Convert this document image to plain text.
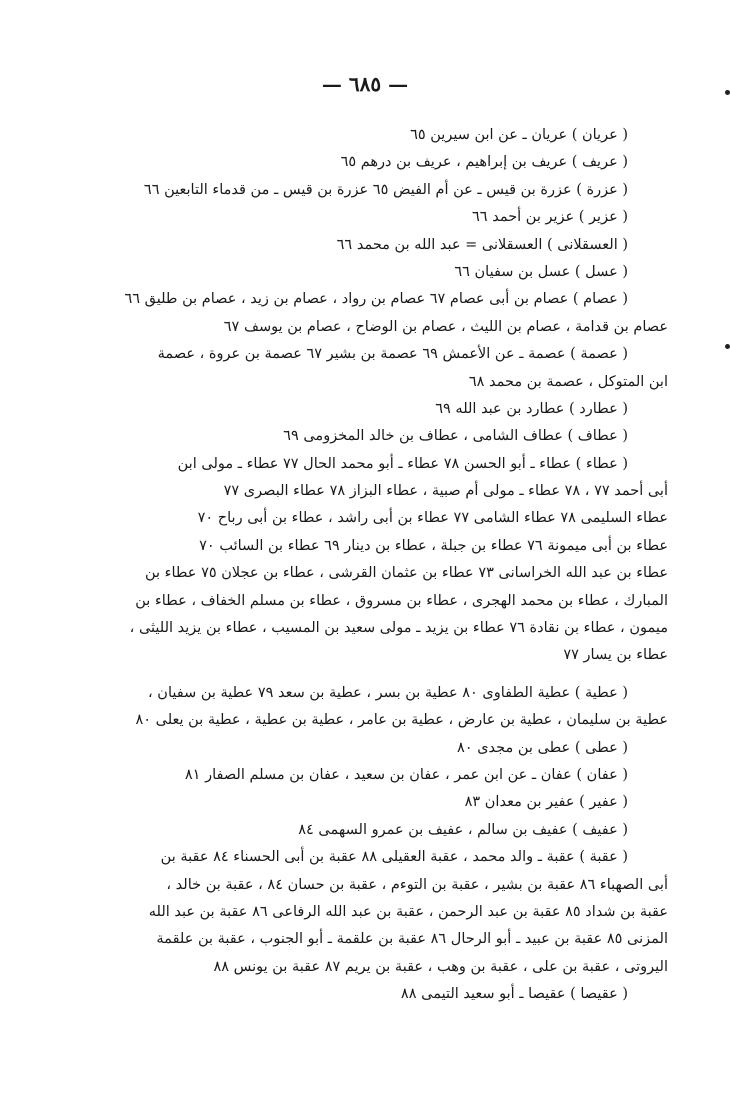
— ٦٨٥ —
( عريان ) عريان ـ عن ابن سيرين ٦٥
( عريف ) عريف بن إبراهيم ، عريف بن درهم ٦٥
( عزرة ) عزرة بن قيس ـ عن أم الفيض ٦٥ عزرة بن قيس ـ من قدماء التابعين ٦٦
( عزير ) عزير بن أحمد ٦٦
( العسقلانى ) العسقلانى = عبد الله بن محمد ٦٦
( عسل ) عسل بن سفيان ٦٦
( عصام ) عصام بن أبى عصام ٦٧ عصام بن رواد ، عصام بن زيد ، عصام بن طليق ٦٦
عصام بن قدامة ، عصام بن الليث ، عصام بن الوضاح ، عصام بن يوسف ٦٧
( عصمة ) عصمة ـ عن الأعمش ٦٩ عصمة بن بشير ٦٧ عصمة بن عروة ، عصمة
ابن المتوكل ، عصمة بن محمد ٦٨
( عطارد ) عطارد بن عبد الله ٦٩
( عطاف ) عطاف الشامى ، عطاف بن خالد المخزومى ٦٩
( عطاء ) عطاء ـ أبو الحسن ٧٨ عطاء ـ أبو محمد الحال ٧٧ عطاء ـ مولى ابن
أبى أحمد ٧٧ ، ٧٨ عطاء ـ مولى أم صبية ، عطاء البزاز ٧٨ عطاء البصرى ٧٧
عطاء السليمى ٧٨ عطاء الشامى ٧٧ عطاء بن أبى راشد ، عطاء بن أبى رباح ٧٠
عطاء بن أبى ميمونة ٧٦ عطاء بن جبلة ، عطاء بن دينار ٦٩ عطاء بن السائب ٧٠
عطاء بن عبد الله الخراسانى ٧٣ عطاء بن عثمان القرشى ، عطاء بن عجلان ٧٥ عطاء بن
المبارك ، عطاء بن محمد الهجرى ، عطاء بن مسروق ، عطاء بن مسلم الخفاف ، عطاء بن
ميمون ، عطاء بن نقادة ٧٦ عطاء بن يزيد ـ مولى سعيد بن المسيب ، عطاء بن يزيد الليثى ،
عطاء بن يسار ٧٧
( عطية ) عطية الطفاوى ٨٠ عطية بن بسر ، عطية بن سعد ٧٩ عطية بن سفيان ،
عطية بن سليمان ، عطية بن عارض ، عطية بن عامر ، عطية بن عطية ، عطية بن يعلى ٨٠
( عطى ) عطى بن مجدى ٨٠
( عفان ) عفان ـ عن ابن عمر ، عفان بن سعيد ، عفان بن مسلم الصفار ٨١
( عفير ) عفير بن معدان ٨٣
( عفيف ) عفيف بن سالم ، عفيف بن عمرو السهمى ٨٤
( عقبة ) عقبة ـ والد محمد ، عقبة العقيلى ٨٨ عقبة بن أبى الحسناء ٨٤ عقبة بن
أبى الصهباء ٨٦ عقبة بن بشير ، عقبة بن التوءم ، عقبة بن حسان ٨٤ ، عقبة بن خالد ،
عقبة بن شداد ٨٥ عقبة بن عبد الرحمن ، عقبة بن عبد الله الرفاعى ٨٦ عقبة بن عبد الله
المزنى ٨٥ عقبة بن عبيد ـ أبو الرحال ٨٦ عقبة بن علقمة ـ أبو الجنوب ، عقبة بن علقمة
اليروتى ، عقبة بن على ، عقبة بن وهب ، عقبة بن يريم ٨٧ عقبة بن يونس ٨٨
( عقيصا ) عقيصا ـ أبو سعيد التيمى ٨٨
